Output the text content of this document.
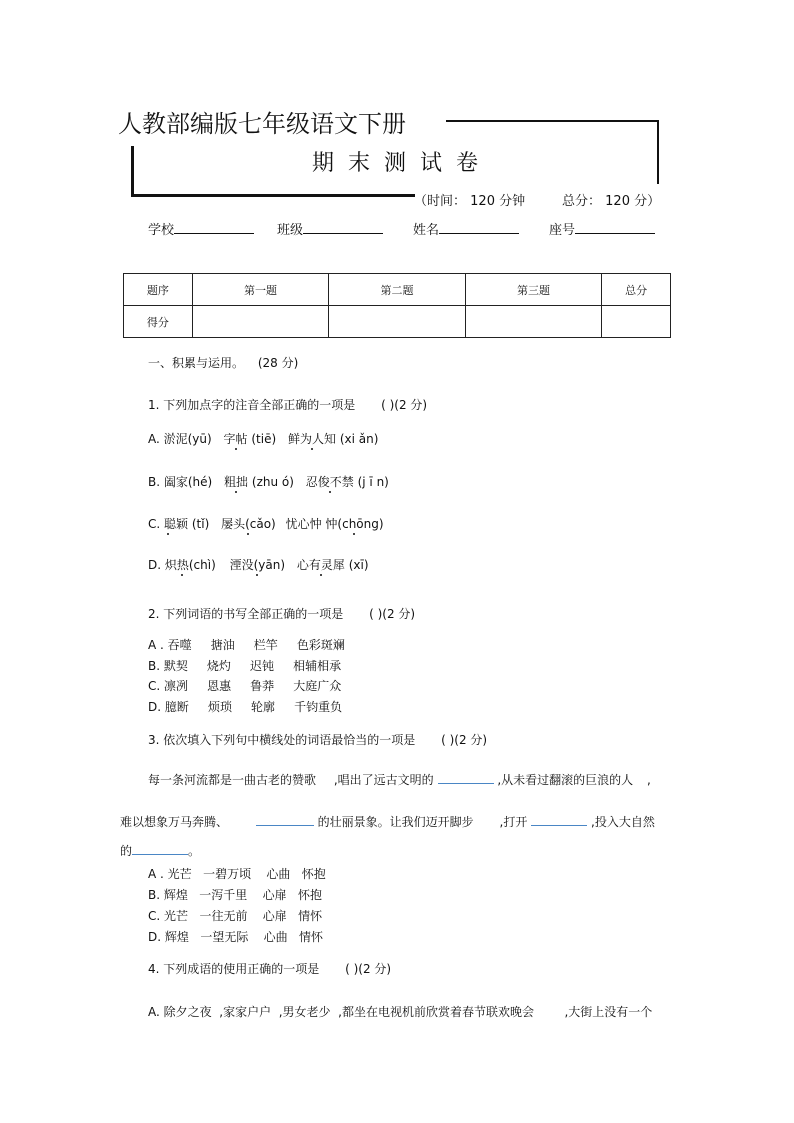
人教部编版七年级语文下册
期末测试卷
（时间： 120 分钟	总分： 120 分）
学校	班级	姓名	座号
题序	第一题	第二题	第三题	总分
得分				
一、积累与运用。 (28 分)
1. 下列加点字的注音全部正确的一项是 ( )(2 分)
A. 淤泥(yū) 字帖 (tiē) 鲜为人知 (xi ǎn)
B. 阖家(hé) 粗拙 (zhu ó) 忍俊不禁 (j ī n)
C. 聪颖 (tǐ) 屡头(cǎo) 忧心忡 忡(chōng)
D. 炽热(chì) 湮没(yān) 心有灵犀 (xī)
2. 下列词语的书写全部正确的一项是 ( )(2 分)
A . 吞噬     搪油     栏竿     色彩斑斓
B. 默契     烧灼     迟钝     相辅相承
C. 凛冽     恩惠     鲁莽     大庭广众
D. 臆断     烦琐     轮廓     千钧重负
3. 依次填入下列句中横线处的词语最恰当的一项是 ( )(2 分)
每一条河流都是一曲古老的赞歌 ,唱出了远古文明的	,从未看过翻滚的巨浪的人 ,
难以想象万马奔腾、	的壮丽景象。让我们迈开脚步 ,打开	,投入大自然
的	。
A . 光芒   一碧万顷    心曲   怀抱
B. 辉煌   一泻千里    心扉   怀抱
C. 光芒   一往无前    心扉   情怀
D. 辉煌   一望无际    心曲   情怀
4. 下列成语的使用正确的一项是 ( )(2 分)
A. 除夕之夜  ,家家户户  ,男女老少  ,都坐在电视机前欣赏着春节联欢晚会        ,大街上没有一个
